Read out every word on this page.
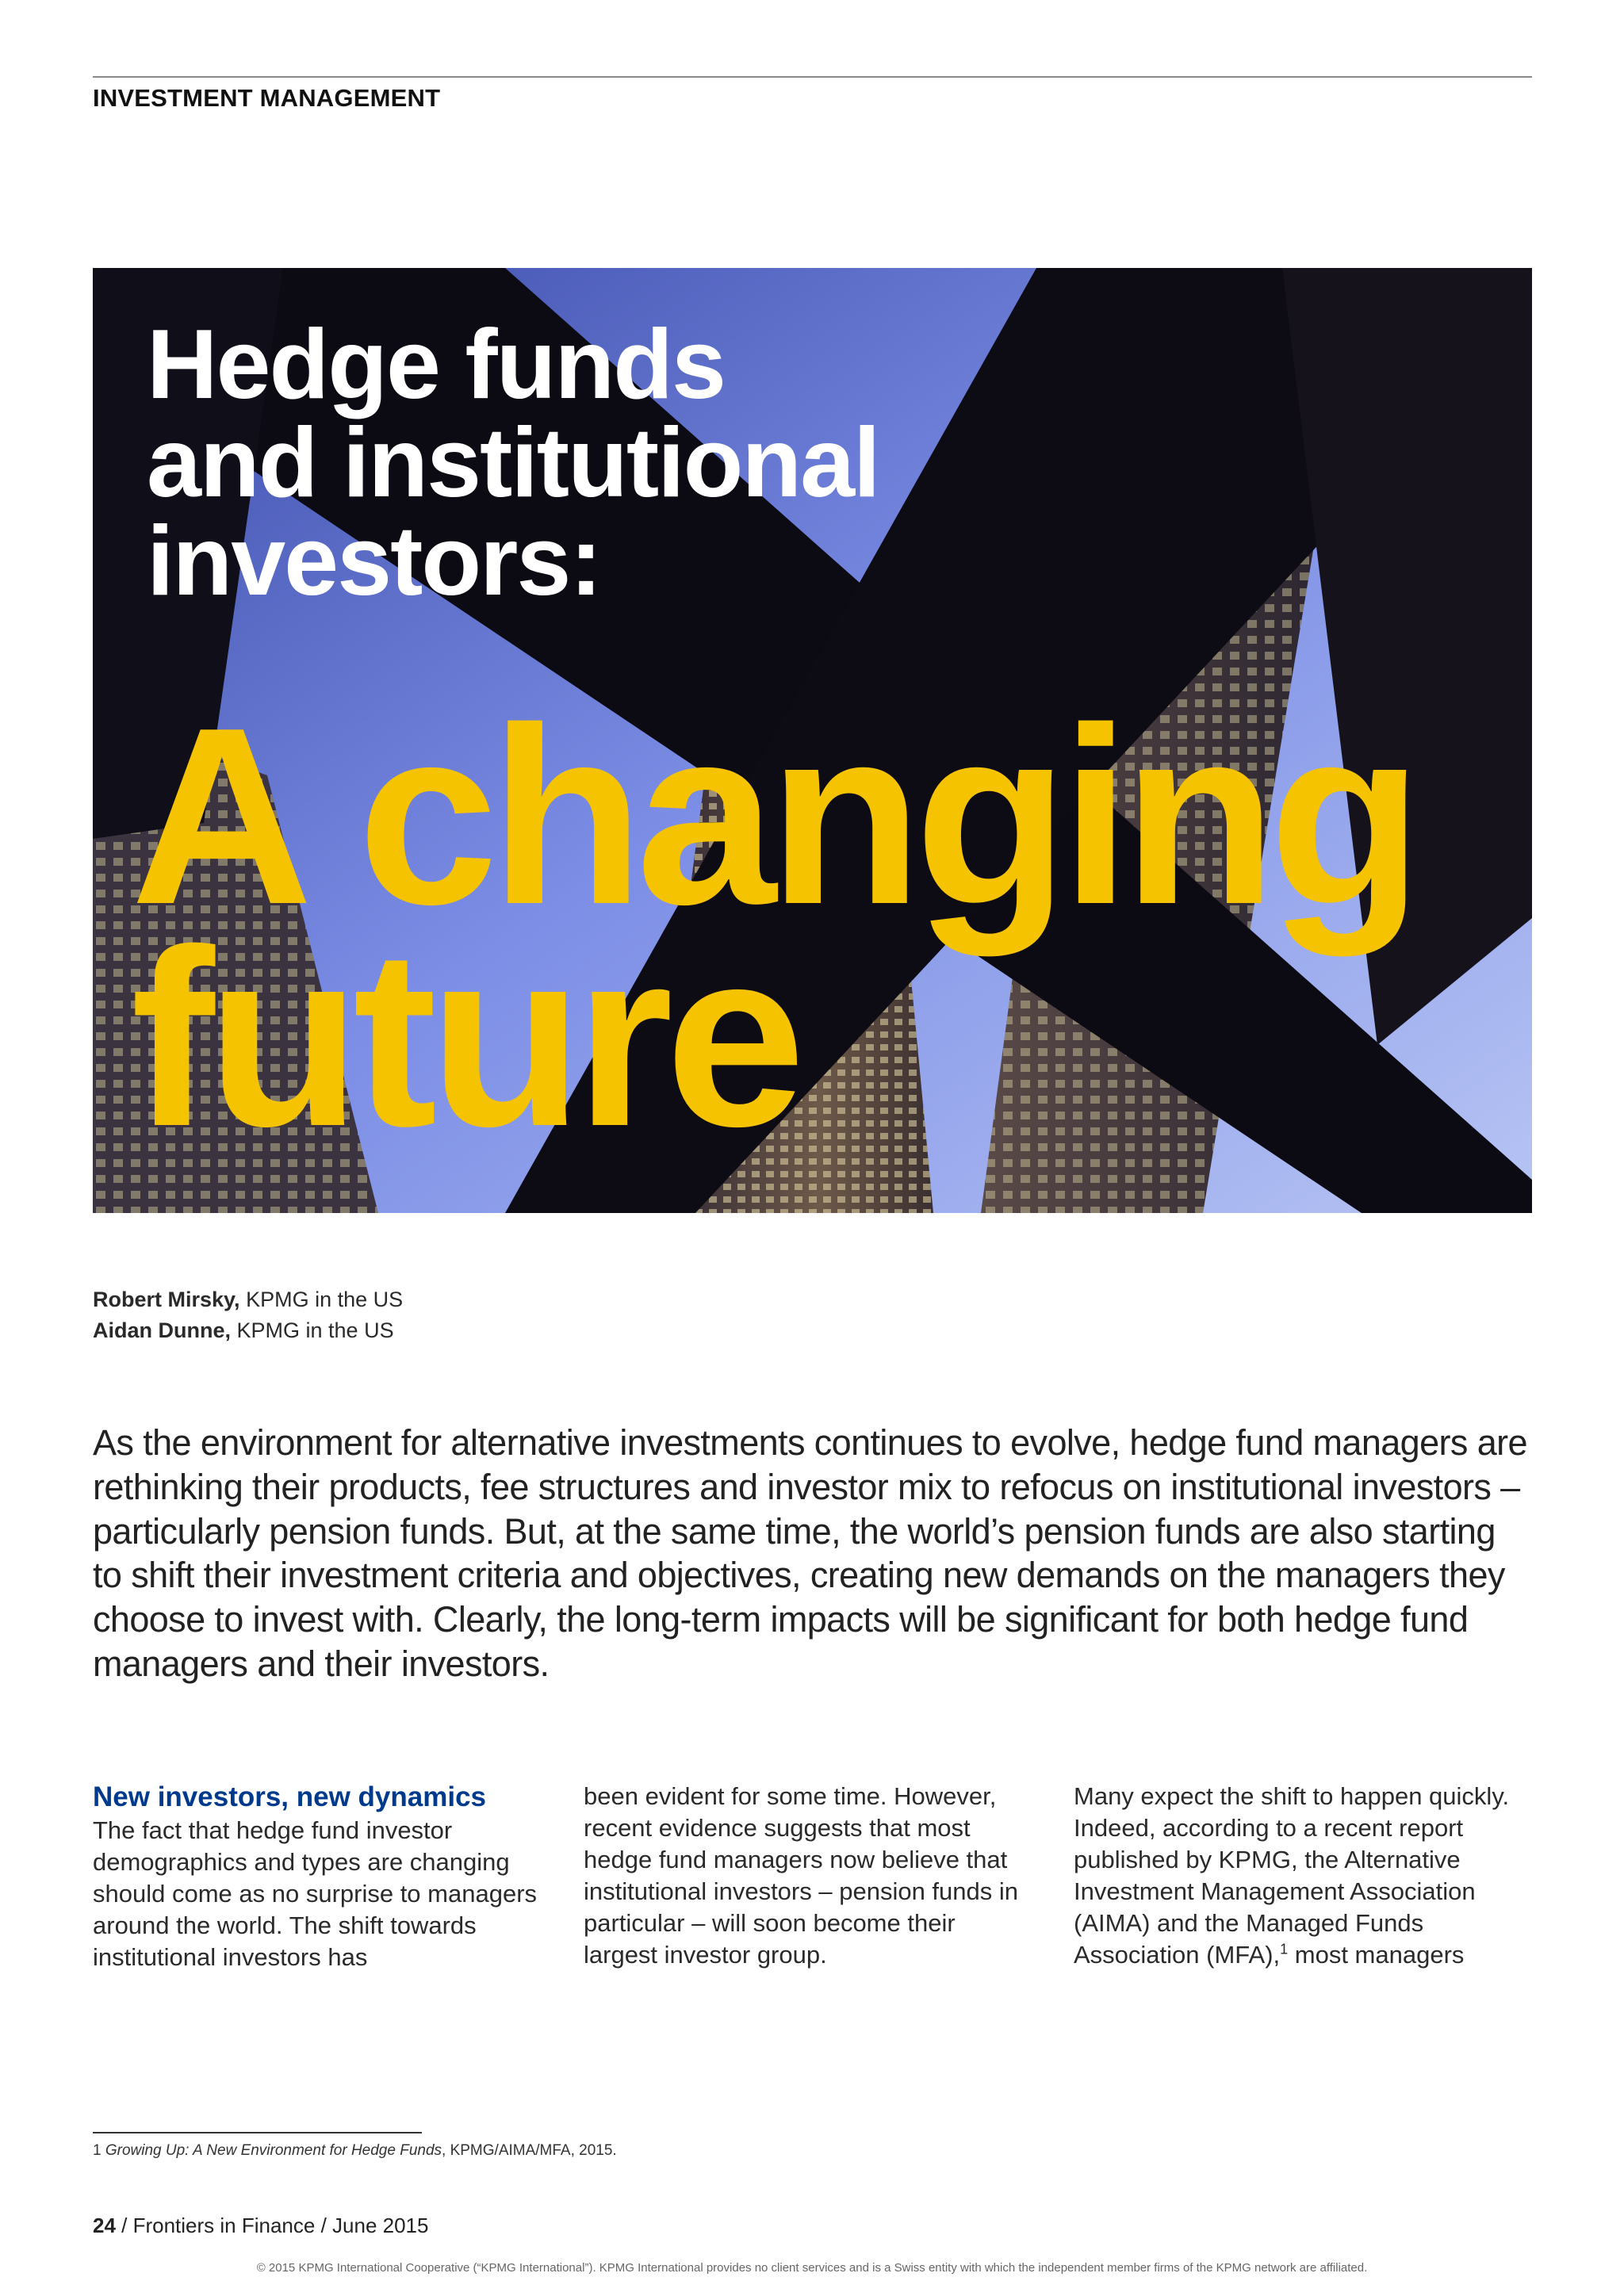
INVESTMENT MANAGEMENT
Hedge funds
and institutional
investors:
A changing
future
Robert Mirsky, KPMG in the US
Aidan Dunne, KPMG in the US
As the environment for alternative investments continues to evolve, hedge fund managers are rethinking their products, fee structures and investor mix to refocus on institutional investors – particularly pension funds. But, at the same time, the world’s pension funds are also starting to shift their investment criteria and objectives, creating new demands on the managers they choose to invest with. Clearly, the long-term impacts will be significant for both hedge fund managers and their investors.
New investors, new dynamics

The fact that hedge fund investor demographics and types are changing should come as no surprise to managers around the world. The shift towards institutional investors has

been evident for some time. However, recent evidence suggests that most hedge fund managers now believe that institutional investors – pension funds in particular – will soon become their largest investor group.

Many expect the shift to happen quickly. Indeed, according to a recent report published by KPMG, the Alternative Investment Management Association (AIMA) and the Managed Funds Association (MFA),$^1$ most managers

1 Growing Up: A New Environment for Hedge Funds, KPMG/AIMA/MFA, 2015.
24 / Frontiers in Finance / June 2015
© 2015 KPMG International Cooperative (“KPMG International”). KPMG International provides no client services and is a Swiss entity with which the independent member firms of the KPMG network are affiliated.
